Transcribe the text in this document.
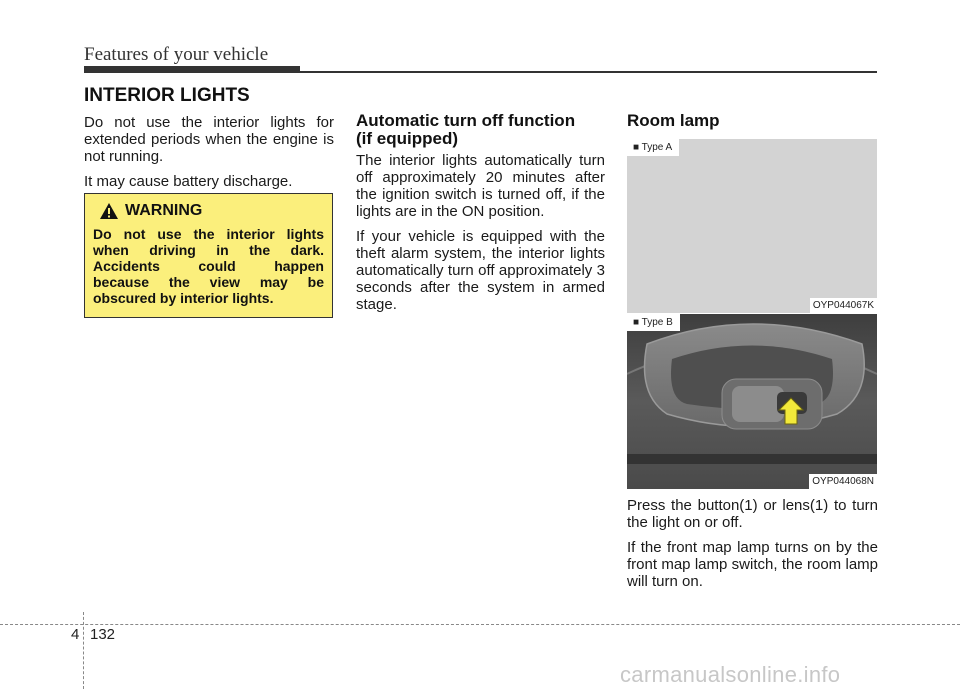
Features of your vehicle
INTERIOR LIGHTS

Do not use the interior lights for extended periods when the engine is not running.

It may cause battery discharge.

WARNING
Do not use the interior lights
when driving in the dark.
Accidents could happen
because the view may be
obscured by interior lights.
Automatic turn off function
(if equipped)

The interior lights automatically turn off approximately 20 minutes after the ignition switch is turned off, if the lights are in the ON position.

If your vehicle is equipped with the theft alarm system, the interior lights automatically turn off approximately 3 seconds after the system in armed stage.

Room lamp
■ Type A
OYP044067K
■ Type B
OYP044068N

Press the button(1) or lens(1) to turn the light on or off.

If the front map lamp turns on by the front map lamp switch, the room lamp will turn on.

4 132
carmanualsonline.info
